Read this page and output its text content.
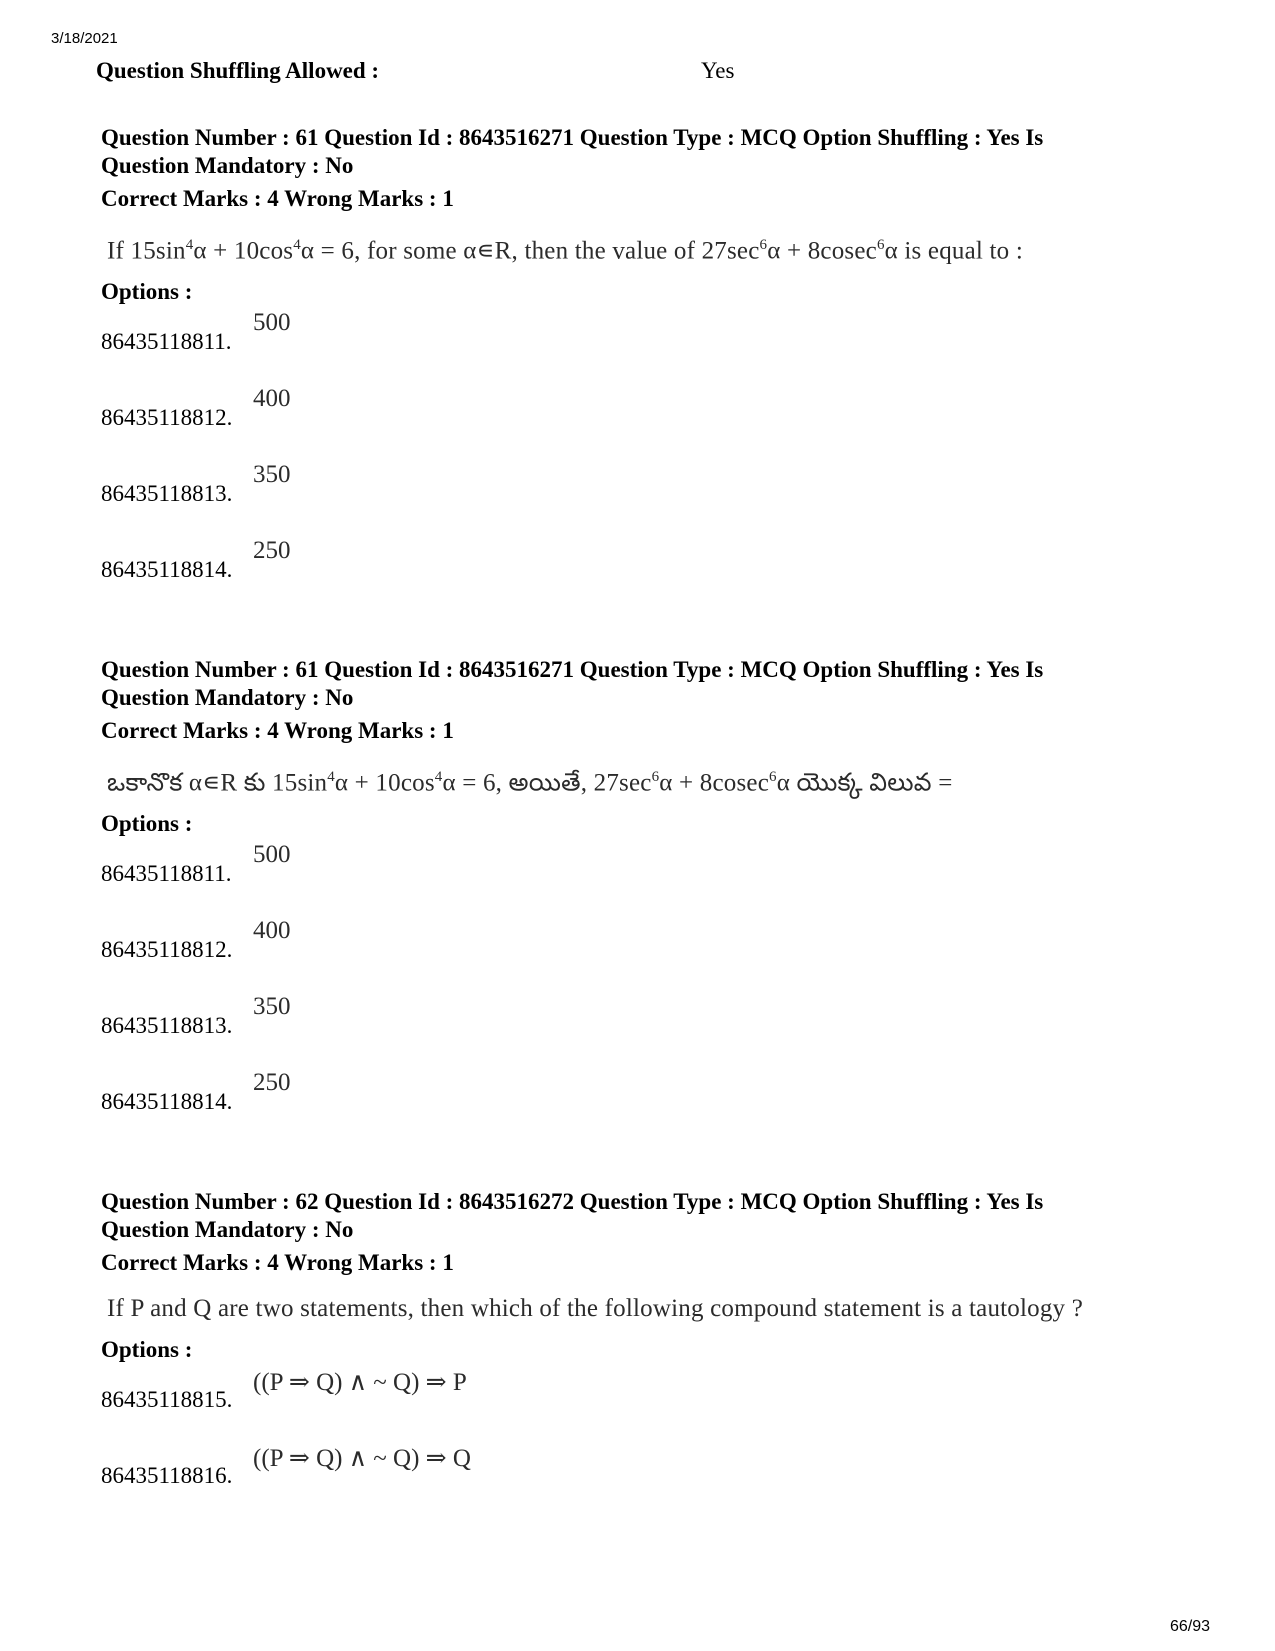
3/18/2021
Question Shuffling Allowed :	Yes
Question Number : 61 Question Id : 8643516271 Question Type : MCQ Option Shuffling : Yes Is
Question Mandatory : No
Correct Marks : 4 Wrong Marks : 1
If $15\sin^4\alpha + 10\cos^4\alpha = 6$, for some α∊R, then the value of $27\sec^6\alpha + 8cosec^6\alpha$ is equal to :
Options :
86435118811.
500
86435118812.
400
86435118813.
350
86435118814.
250
Question Number : 61 Question Id : 8643516271 Question Type : MCQ Option Shuffling : Yes Is
Question Mandatory : No
Correct Marks : 4 Wrong Marks : 1
ఒకానొక α∊R కు $15\sin^4\alpha + 10\cos^4\alpha = 6$, అయితే, $27\sec^6\alpha + 8cosec^6\alpha$ యొక్క విలువ =
Options :
86435118811.
500
86435118812.
400
86435118813.
350
86435118814.
250
Question Number : 62 Question Id : 8643516272 Question Type : MCQ Option Shuffling : Yes Is
Question Mandatory : No
Correct Marks : 4 Wrong Marks : 1
If P and Q are two statements, then which of the following compound statement is a tautology ?
Options :
86435118815.
((P ⇒ Q) ∧ ~ Q) ⇒ P
86435118816.
((P ⇒ Q) ∧ ~ Q) ⇒ Q
66/93
